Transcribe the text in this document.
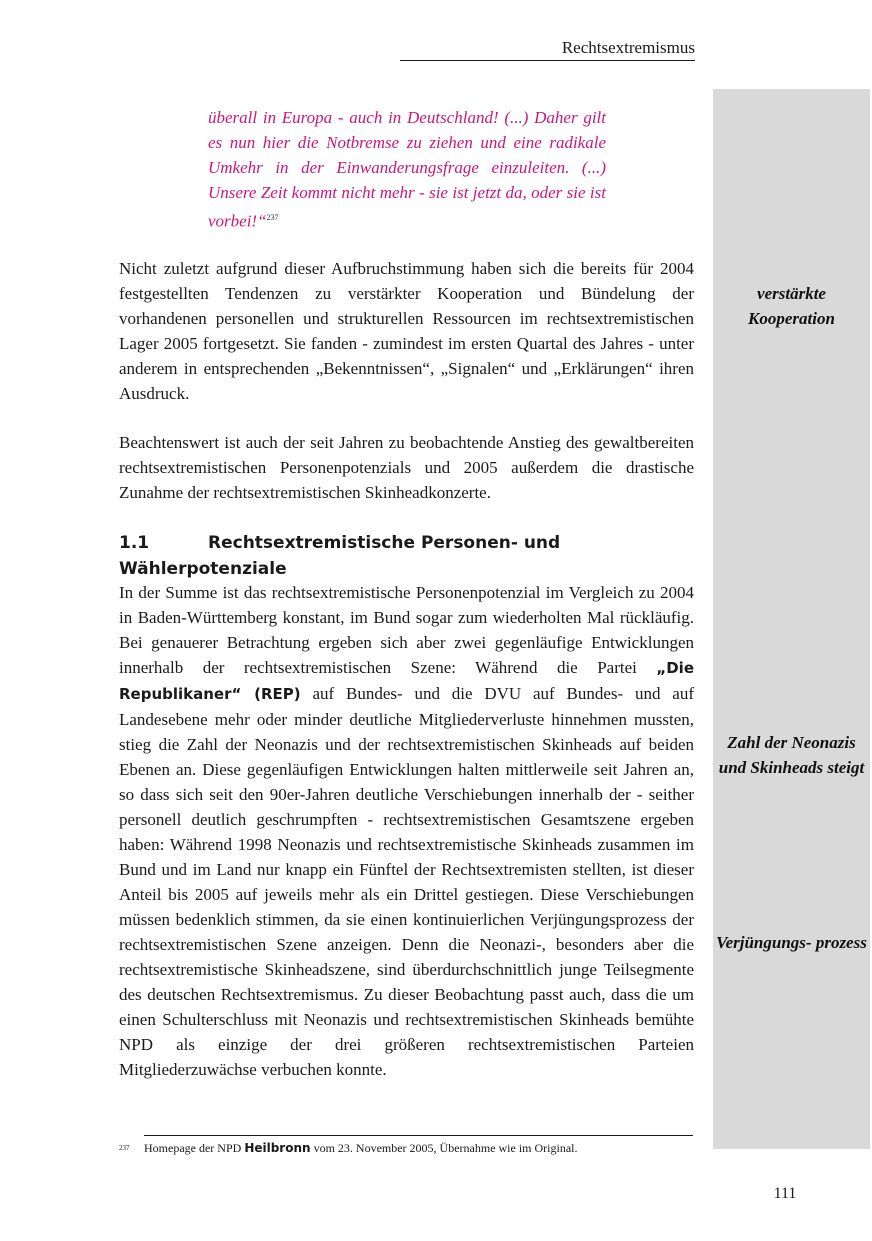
Rechtsextremismus
verstärkte Kooperation
Zahl der Neonazis und Skinheads steigt
Verjüngungs- prozess
überall in Europa - auch in Deutschland! (...) Daher gilt es nun hier die Notbremse zu ziehen und eine radikale Umkehr in der Einwanderungsfrage einzuleiten. (...) Unsere Zeit kommt nicht mehr - sie ist jetzt da, oder sie ist vorbei!“$^{237}$

Nicht zuletzt aufgrund dieser Aufbruchstimmung haben sich die bereits für 2004 festgestellten Tendenzen zu verstärkter Kooperation und Bündelung der vorhandenen personellen und strukturellen Ressourcen im rechtsextremistischen Lager 2005 fortgesetzt. Sie fanden - zumindest im ersten Quartal des Jahres - unter anderem in entsprechenden „Bekenntnissen“, „Signalen“ und „Erklärungen“ ihren Ausdruck.

Beachtenswert ist auch der seit Jahren zu beobachtende Anstieg des gewaltbereiten rechtsextremistischen Personenpotenzials und 2005 außerdem die drastische Zunahme der rechtsextremistischen Skinheadkonzerte.

1.1	Rechtsextremistische Personen- und Wählerpotenziale

In der Summe ist das rechtsextremistische Personenpotenzial im Vergleich zu 2004 in Baden-Württemberg konstant, im Bund sogar zum wiederholten Mal rückläufig. Bei genauerer Betrachtung ergeben sich aber zwei gegenläufige Entwicklungen innerhalb der rechtsextremistischen Szene: Während die Partei „Die Republikaner“ (REP) auf Bundes- und die DVU auf Bundes- und auf Landesebene mehr oder minder deutliche Mitgliederverluste hinnehmen mussten, stieg die Zahl der Neonazis und der rechtsextremistischen Skinheads auf beiden Ebenen an. Diese gegenläufigen Entwicklungen halten mittlerweile seit Jahren an, so dass sich seit den 90er-Jahren deutliche Verschiebungen innerhalb der - seither personell deutlich geschrumpften - rechtsextremistischen Gesamtszene ergeben haben: Während 1998 Neonazis und rechtsextremistische Skinheads zusammen im Bund und im Land nur knapp ein Fünftel der Rechtsextremisten stellten, ist dieser Anteil bis 2005 auf jeweils mehr als ein Drittel gestiegen. Diese Verschiebungen müssen bedenklich stimmen, da sie einen kontinuierlichen Verjüngungsprozess der rechtsextremistischen Szene anzeigen. Denn die Neonazi-, besonders aber die rechtsextremistische Skinheadszene, sind überdurchschnittlich junge Teilsegmente des deutschen Rechtsextremismus. Zu dieser Beobachtung passt auch, dass die um einen Schulterschluss mit Neonazis und rechtsextremistischen Skinheads bemühte NPD als einzige der drei größeren rechtsextremistischen Parteien Mitgliederzuwächse verbuchen konnte.

237 Homepage der NPD Heilbronn vom 23. November 2005, Übernahme wie im Original.
111
